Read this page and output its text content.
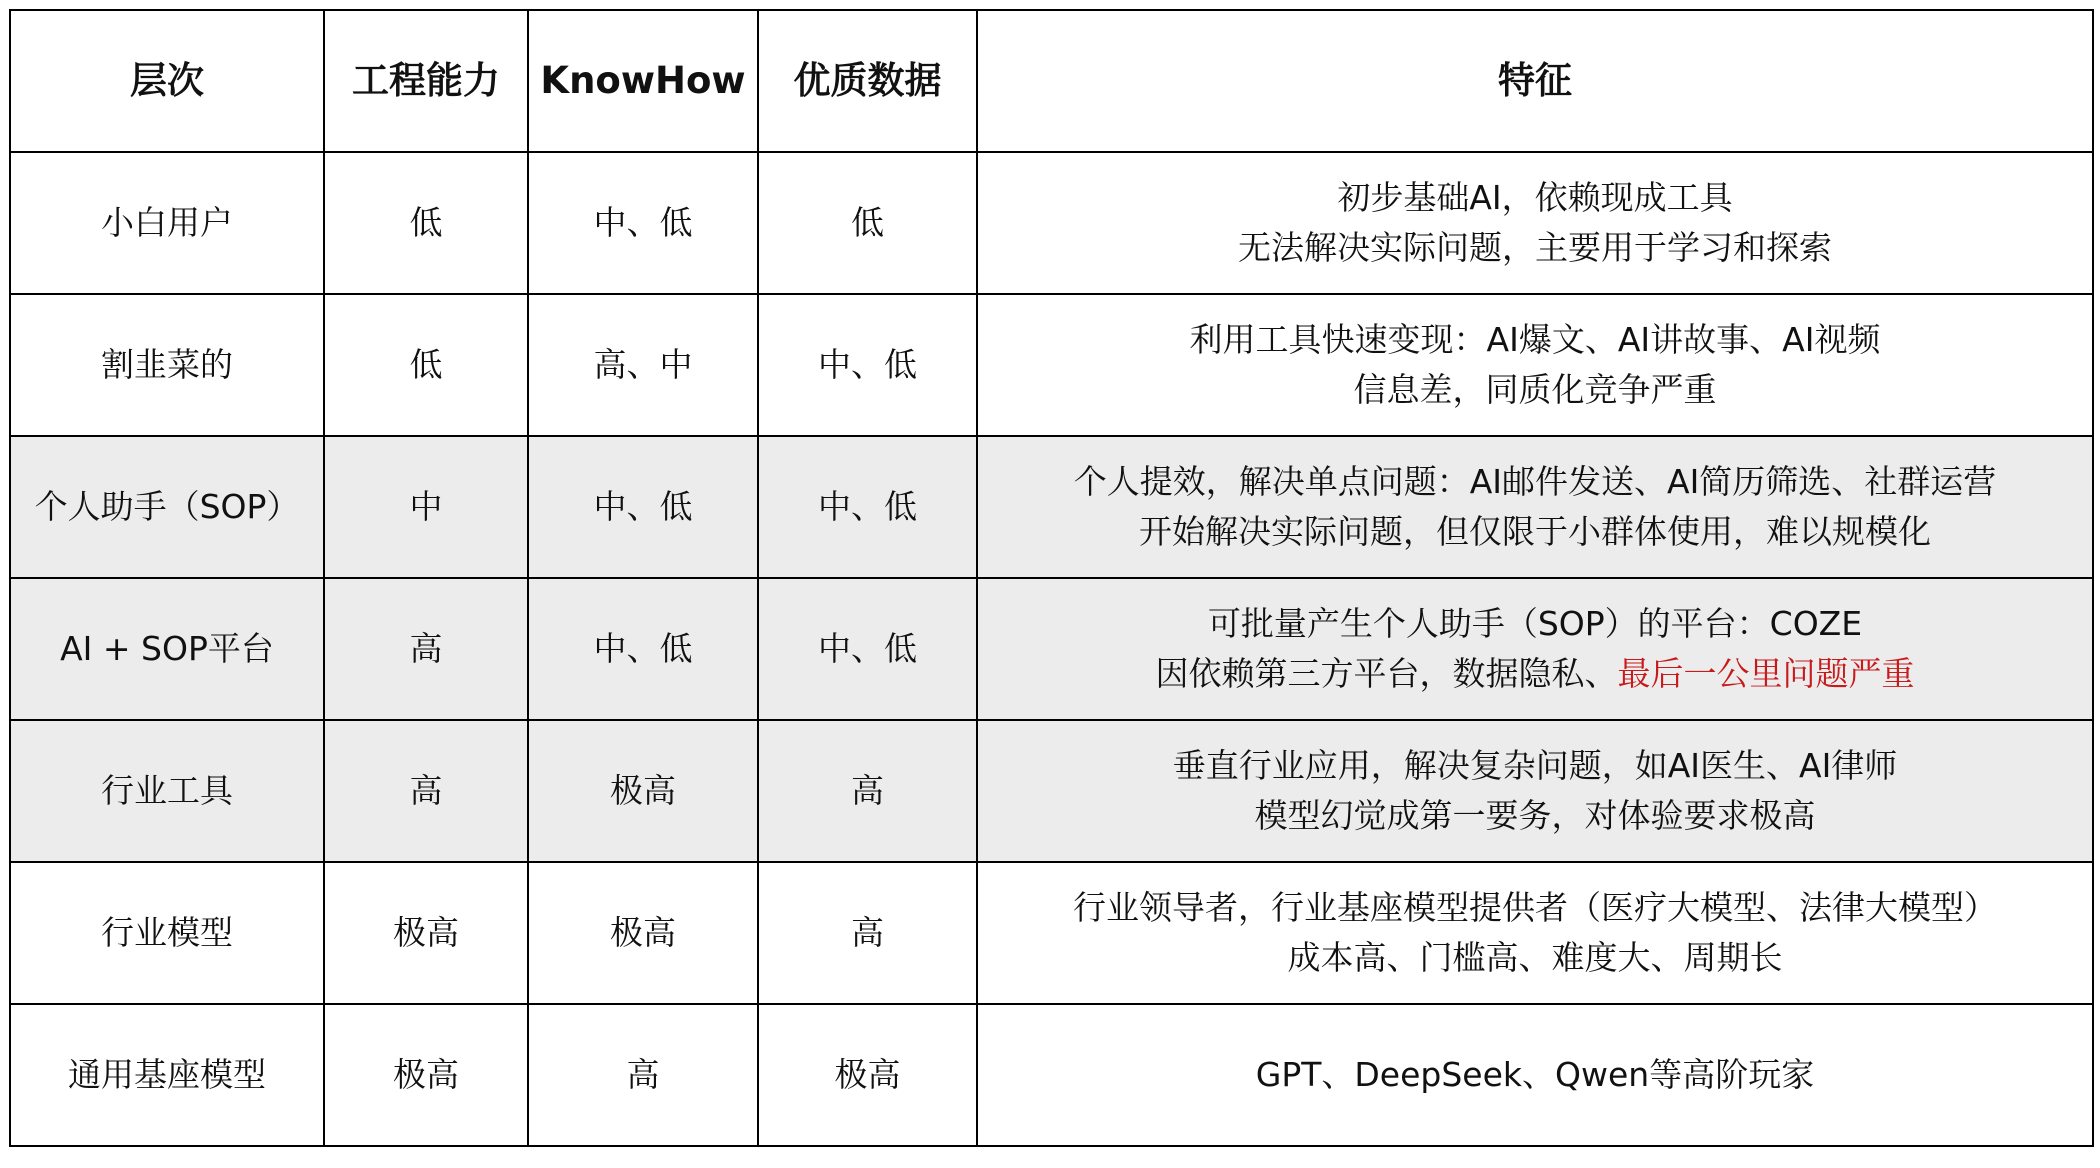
层次	工程能力	KnowHow	优质数据	特征
小白用户	低	中、低	低	初步基础AI，依赖现成工具
无法解决实际问题，主要用于学习和探索

割韭菜的	低	高、中	中、低	利用工具快速变现：AI爆文、AI讲故事、AI视频
信息差，同质化竞争严重

个人助手（SOP）	中	中、低	中、低	个人提效，解决单点问题：AI邮件发送、AI简历筛选、社群运营
开始解决实际问题，但仅限于小群体使用，难以规模化

AI + SOP平台	高	中、低	中、低	可批量产生个人助手（SOP）的平台：COZE
因依赖第三方平台，数据隐私、最后一公里问题严重

行业工具	高	极高	高	垂直行业应用，解决复杂问题，如AI医生、AI律师
模型幻觉成第一要务，对体验要求极高

行业模型	极高	极高	高	行业领导者，行业基座模型提供者（医疗大模型、法律大模型）
成本高、门槛高、难度大、周期长

通用基座模型	极高	高	极高	GPT、DeepSeek、Qwen等高阶玩家
